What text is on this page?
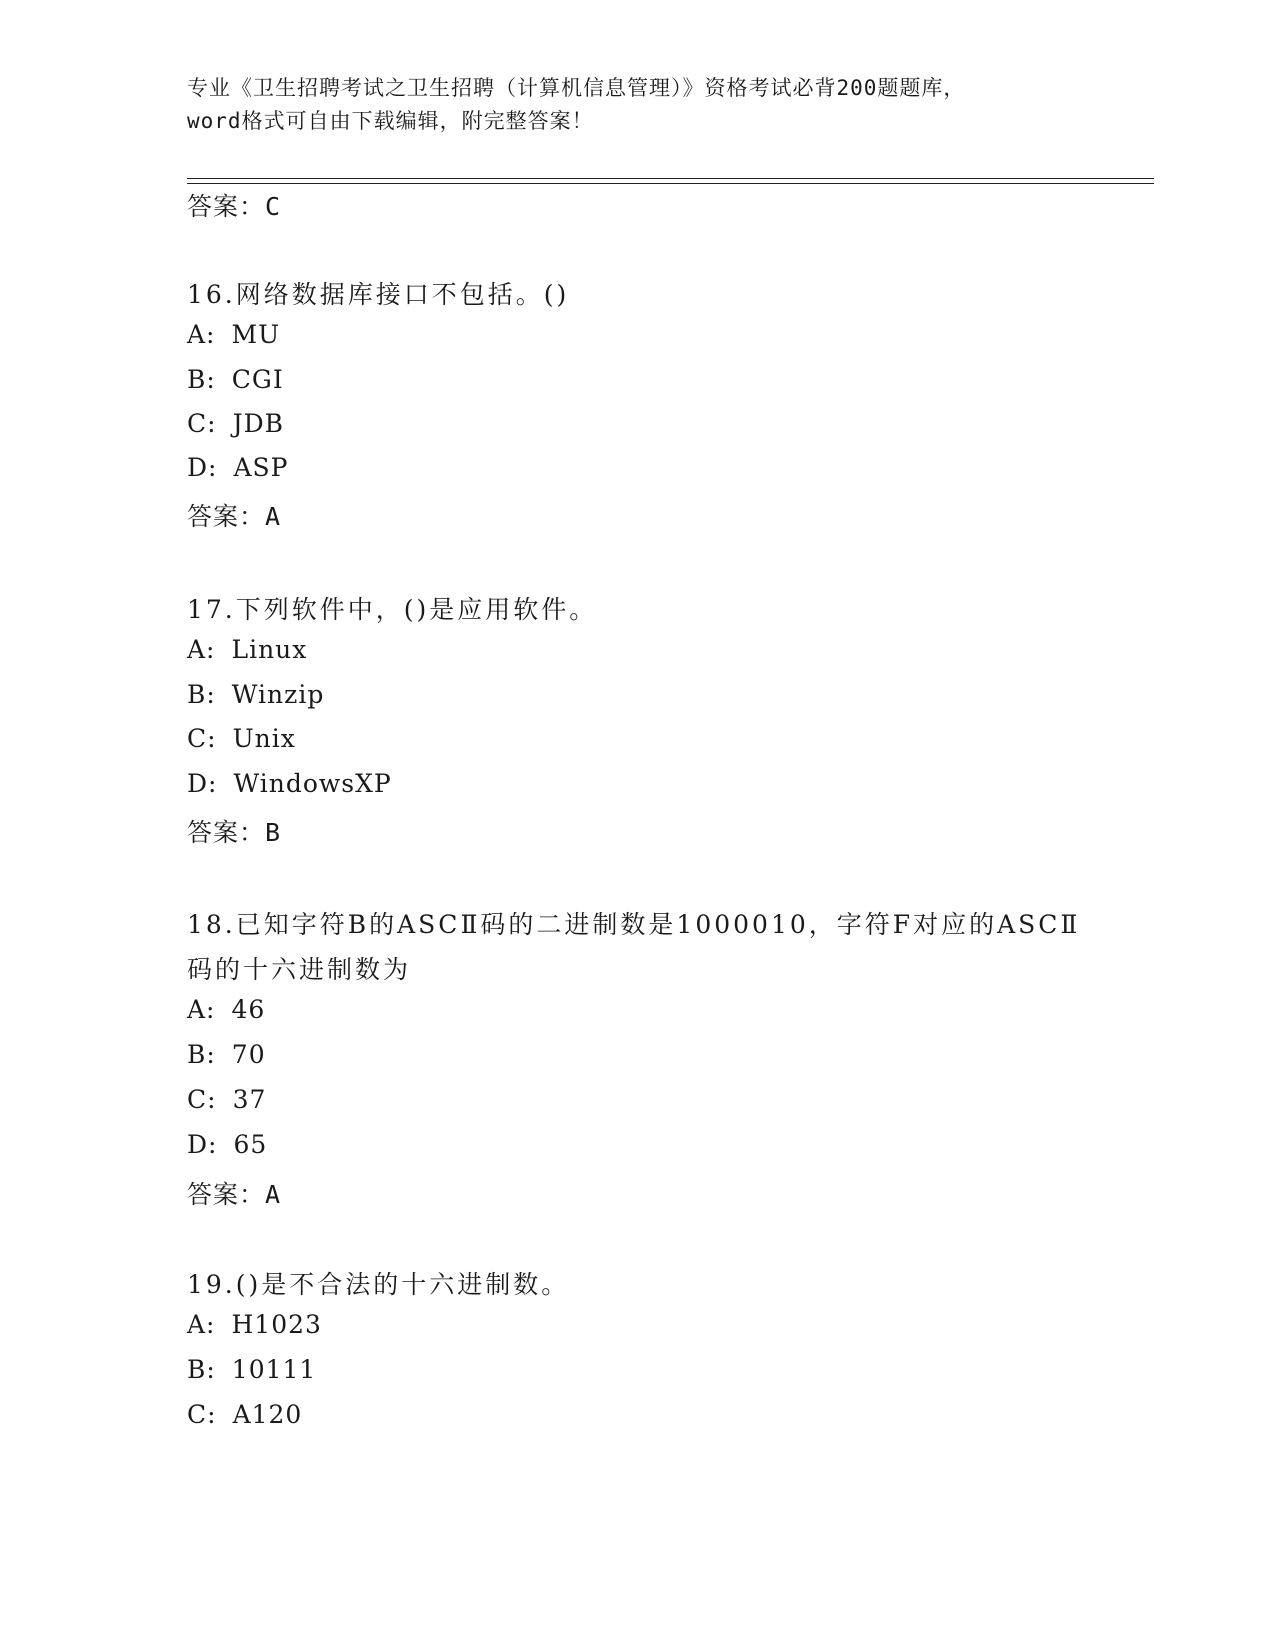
专业《卫生招聘考试之卫生招聘（计算机信息管理）》资格考试必背200题题库，
word格式可自由下载编辑，附完整答案！
答案：C
16.网络数据库接口不包括。()
A: MU
B: CGI
C: JDB
D: ASP
答案：A
17.下列软件中，()是应用软件。
A: Linux
B: Winzip
C: Unix
D: WindowsXP
答案：B
18.已知字符B的ASCⅡ码的二进制数是1000010，字符F对应的ASCⅡ
码的十六进制数为
A: 46
B: 70
C: 37
D: 65
答案：A
19.()是不合法的十六进制数。
A: H1023
B: 10111
C: A120
